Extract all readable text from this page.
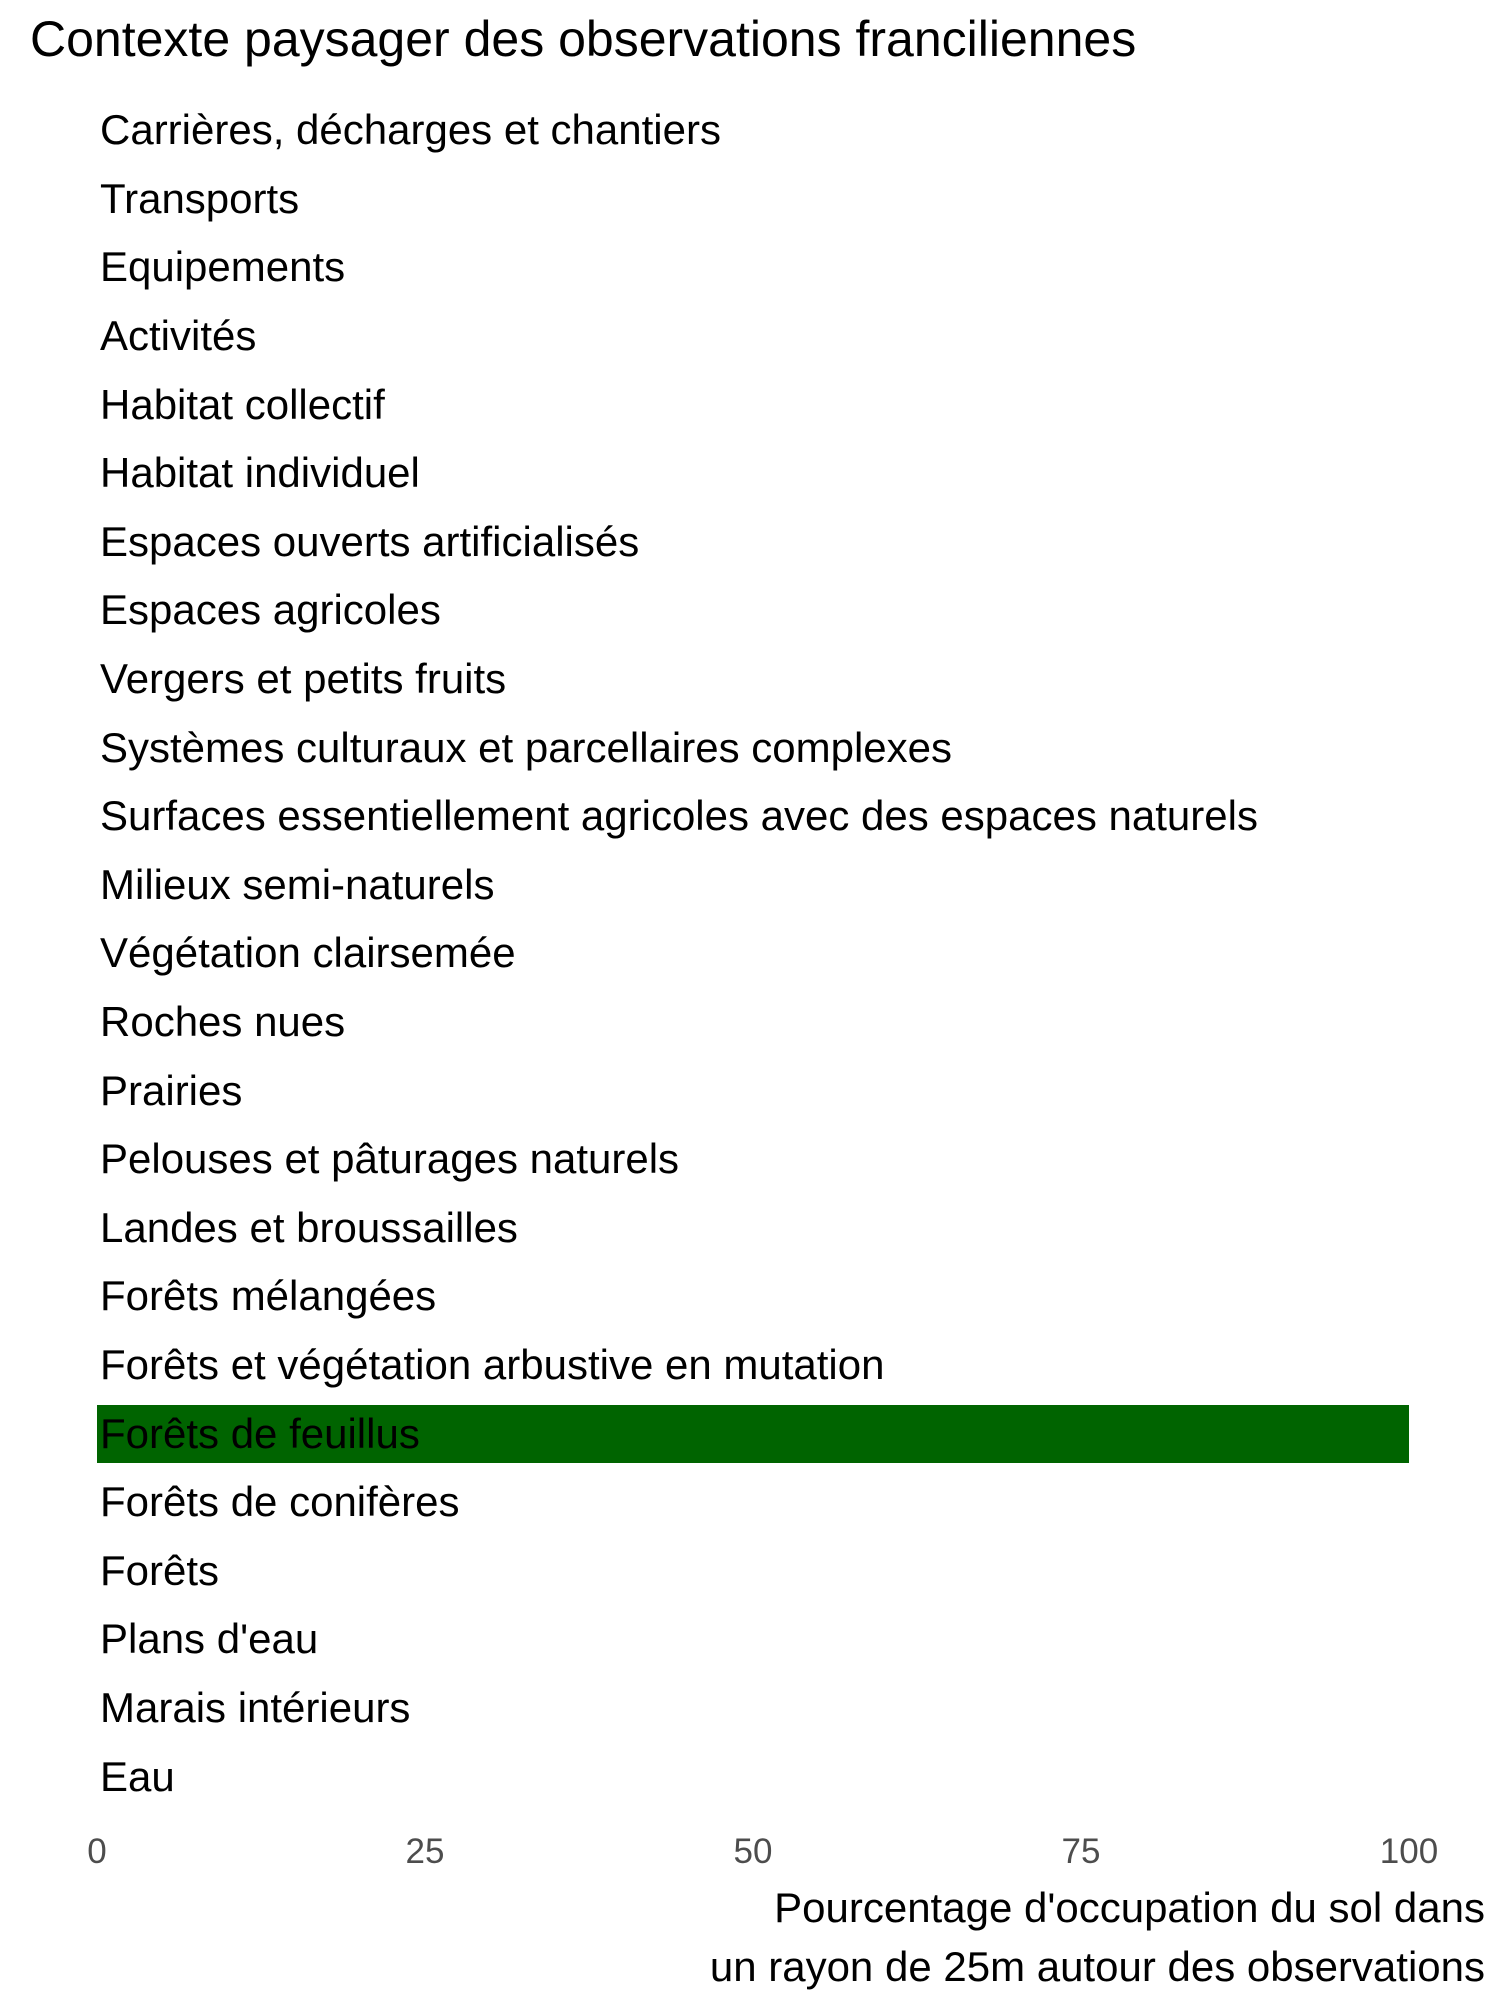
Contexte paysager des observations franciliennes
Carrières, décharges et chantiers
Transports
Equipements
Activités
Habitat collectif
Habitat individuel
Espaces ouverts artificialisés
Espaces agricoles
Vergers et petits fruits
Systèmes culturaux et parcellaires complexes
Surfaces essentiellement agricoles avec des espaces naturels
Milieux semi-naturels
Végétation clairsemée
Roches nues
Prairies
Pelouses et pâturages naturels
Landes et broussailles
Forêts mélangées
Forêts et végétation arbustive en mutation
Forêts de feuillus
Forêts de conifères
Forêts
Plans d'eau
Marais intérieurs
Eau
0	25	50	75	100
Pourcentage d'occupation du sol dans
un rayon de 25m autour des observations
